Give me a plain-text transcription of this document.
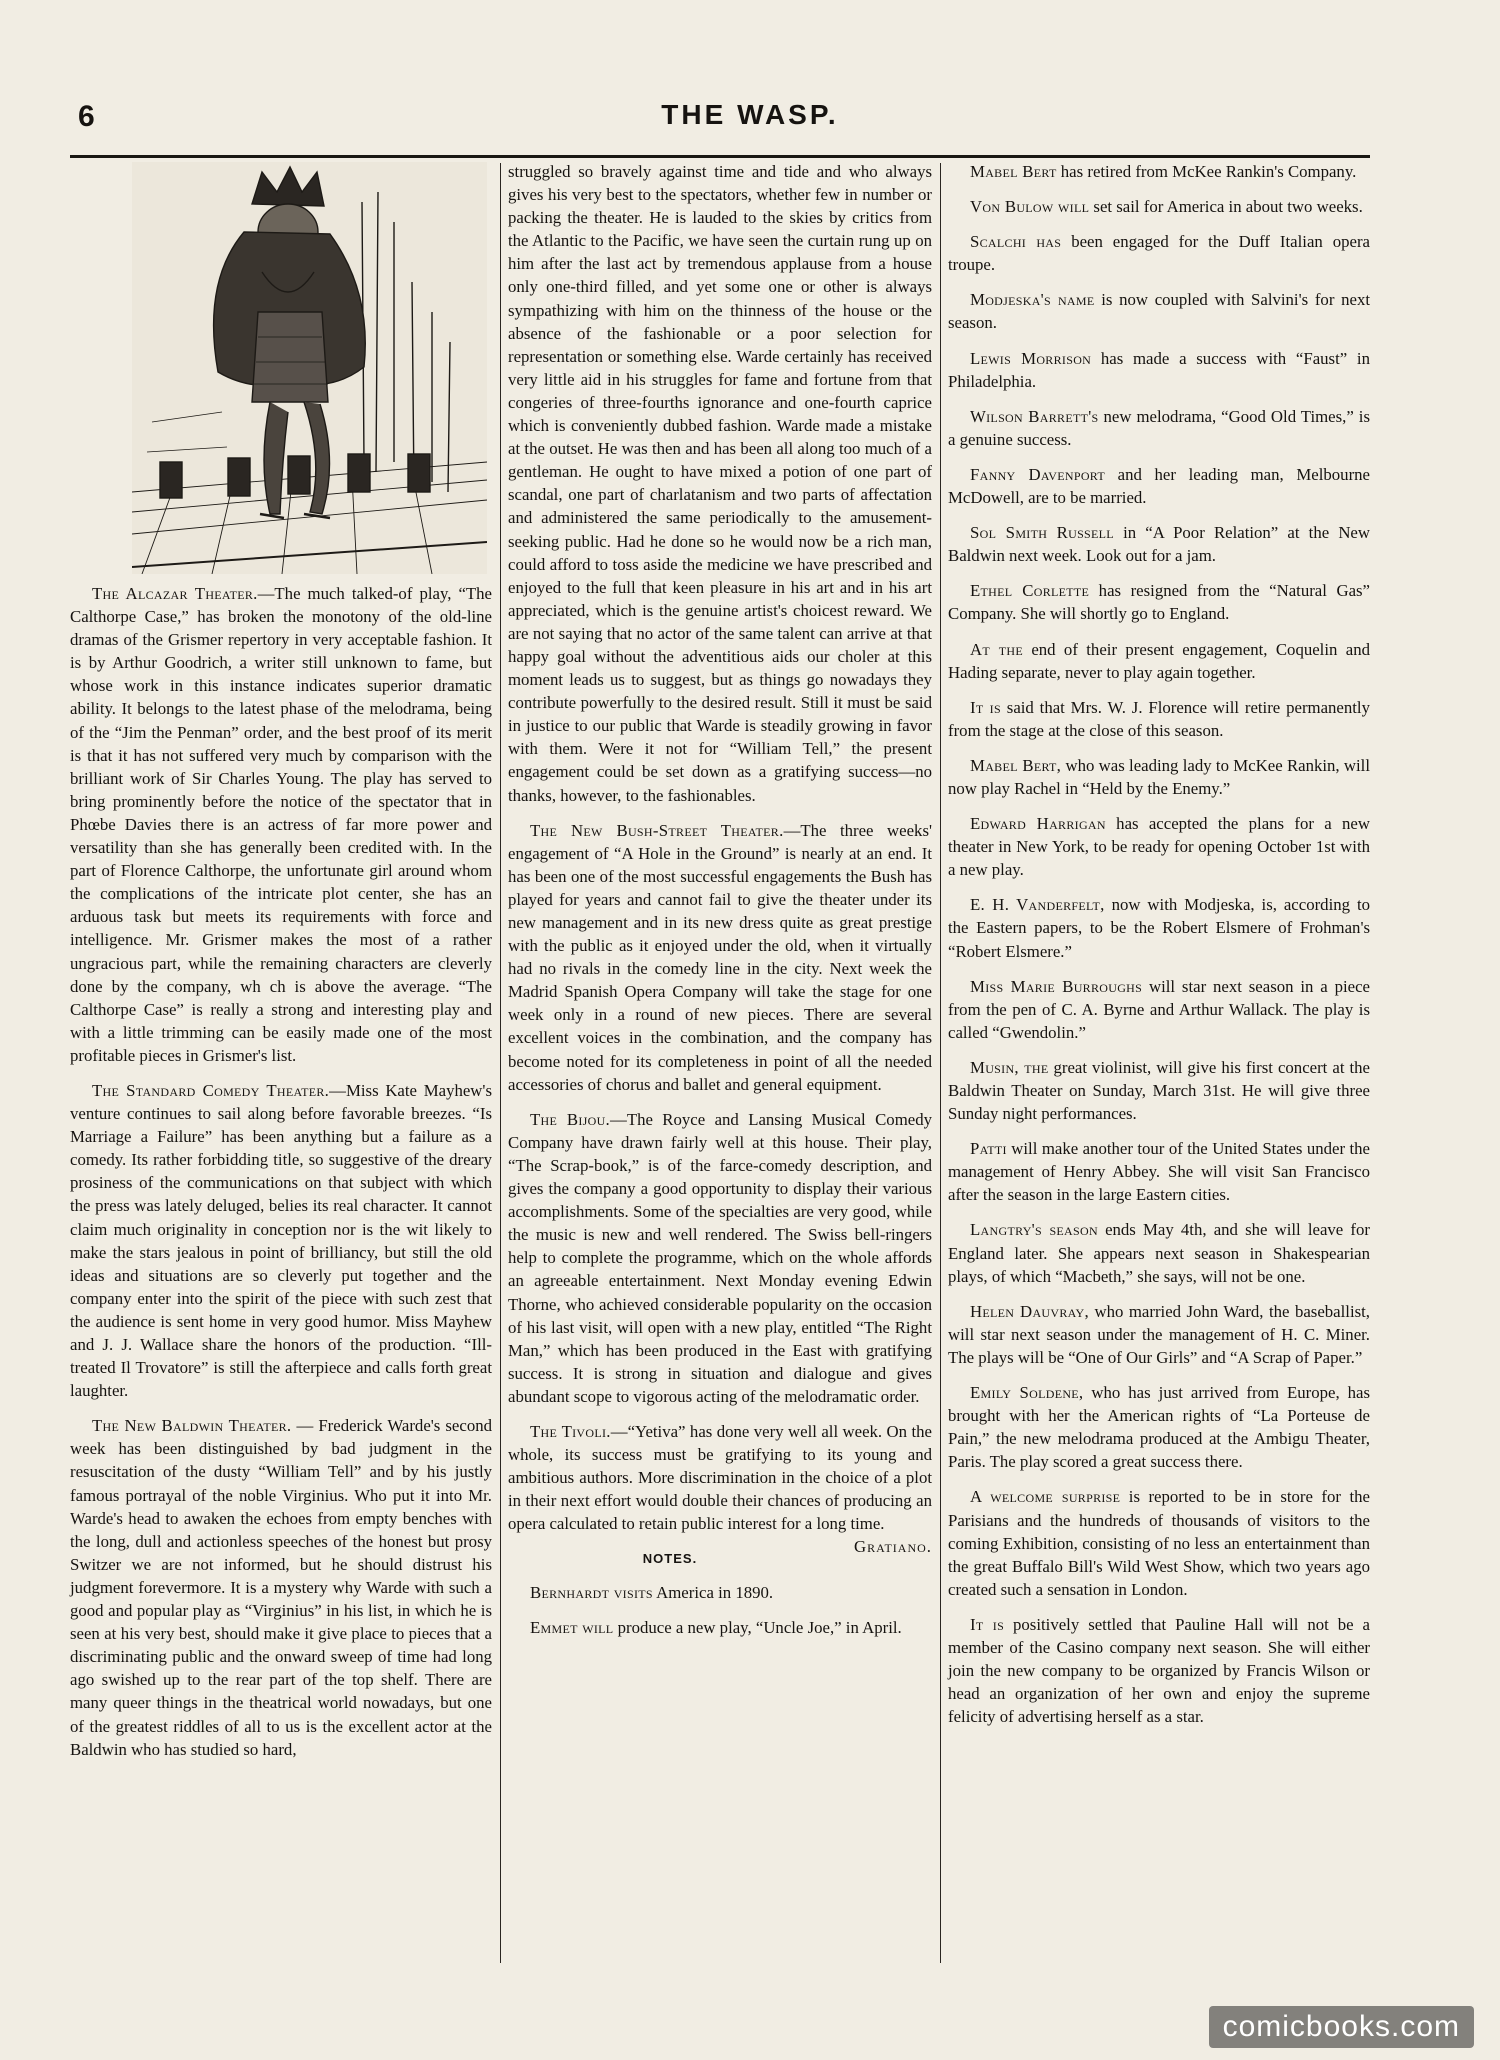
6	THE WASP.

The Alcazar Theater.—The much talked-of play, “The Calthorpe Case,” has broken the monotony of the old-line dramas of the Grismer repertory in very acceptable fashion. It is by Arthur Goodrich, a writer still unknown to fame, but whose work in this instance indicates superior dramatic ability. It belongs to the latest phase of the melodrama, being of the “Jim the Penman” order, and the best proof of its merit is that it has not suffered very much by comparison with the brilliant work of Sir Charles Young. The play has served to bring prominently before the notice of the spectator that in Phœbe Davies there is an actress of far more power and versatility than she has generally been credited with. In the part of Florence Calthorpe, the unfortunate girl around whom the complications of the intricate plot center, she has an arduous task but meets its requirements with force and intelligence. Mr. Grismer makes the most of a rather ungracious part, while the remaining characters are cleverly done by the company, wh ch is above the average. “The Calthorpe Case” is really a strong and interesting play and with a little trimming can be easily made one of the most profitable pieces in Grismer's list.

The Standard Comedy Theater.—Miss Kate Mayhew's venture continues to sail along before favorable breezes. “Is Marriage a Failure” has been anything but a failure as a comedy. Its rather forbidding title, so suggestive of the dreary prosiness of the communications on that subject with which the press was lately deluged, belies its real character. It cannot claim much originality in conception nor is the wit likely to make the stars jealous in point of brilliancy, but still the old ideas and situations are so cleverly put together and the company enter into the spirit of the piece with such zest that the audience is sent home in very good humor. Miss Mayhew and J. J. Wallace share the honors of the production. “Ill-treated Il Trovatore” is still the afterpiece and calls forth great laughter.

The New Baldwin Theater. — Frederick Warde's second week has been distinguished by bad judgment in the resuscitation of the dusty “William Tell” and by his justly famous portrayal of the noble Virginius. Who put it into Mr. Warde's head to awaken the echoes from empty benches with the long, dull and actionless speeches of the honest but prosy Switzer we are not informed, but he should distrust his judgment forevermore. It is a mystery why Warde with such a good and popular play as “Virginius” in his list, in which he is seen at his very best, should make it give place to pieces that a discriminating public and the onward sweep of time had long ago swished up to the rear part of the top shelf. There are many queer things in the theatrical world nowadays, but one of the greatest riddles of all to us is the excellent actor at the Baldwin who has studied so hard,

struggled so bravely against time and tide and who always gives his very best to the spectators, whether few in number or packing the theater. He is lauded to the skies by critics from the Atlantic to the Pacific, we have seen the curtain rung up on him after the last act by tremendous applause from a house only one-third filled, and yet some one or other is always sympathizing with him on the thinness of the house or the absence of the fashionable or a poor selection for representation or something else. Warde certainly has received very little aid in his struggles for fame and fortune from that congeries of three-fourths ignorance and one-fourth caprice which is conveniently dubbed fashion. Warde made a mistake at the outset. He was then and has been all along too much of a gentleman. He ought to have mixed a potion of one part of scandal, one part of charlatanism and two parts of affectation and administered the same periodically to the amusement-seeking public. Had he done so he would now be a rich man, could afford to toss aside the medicine we have prescribed and enjoyed to the full that keen pleasure in his art and in his art appreciated, which is the genuine artist's choicest reward. We are not saying that no actor of the same talent can arrive at that happy goal without the adventitious aids our choler at this moment leads us to suggest, but as things go nowadays they contribute powerfully to the desired result. Still it must be said in justice to our public that Warde is steadily growing in favor with them. Were it not for “William Tell,” the present engagement could be set down as a gratifying success—no thanks, however, to the fashionables.

The New Bush-Street Theater.—The three weeks' engagement of “A Hole in the Ground” is nearly at an end. It has been one of the most successful engagements the Bush has played for years and cannot fail to give the theater under its new management and in its new dress quite as great prestige with the public as it enjoyed under the old, when it virtually had no rivals in the comedy line in the city. Next week the Madrid Spanish Opera Company will take the stage for one week only in a round of new pieces. There are several excellent voices in the combination, and the company has become noted for its completeness in point of all the needed accessories of chorus and ballet and general equipment.

The Bijou.—The Royce and Lansing Musical Comedy Company have drawn fairly well at this house. Their play, “The Scrap-book,” is of the farce-comedy description, and gives the company a good opportunity to display their various accomplishments. Some of the specialties are very good, while the music is new and well rendered. The Swiss bell-ringers help to complete the programme, which on the whole affords an agreeable entertainment. Next Monday evening Edwin Thorne, who achieved considerable popularity on the occasion of his last visit, will open with a new play, entitled “The Right Man,” which has been produced in the East with gratifying success. It is strong in situation and dialogue and gives abundant scope to vigorous acting of the melodramatic order.

The Tivoli.—“Yetiva” has done very well all week. On the whole, its success must be gratifying to its young and ambitious authors. More discrimination in the choice of a plot in their next effort would double their chances of producing an opera calculated to retain public interest for a long time.
Gratiano.

NOTES.

Bernhardt visits America in 1890.

Emmet will produce a new play, “Uncle Joe,” in April.

Mabel Bert has retired from McKee Rankin's Company.

Von Bulow will set sail for America in about two weeks.

Scalchi has been engaged for the Duff Italian opera troupe.

Modjeska's name is now coupled with Salvini's for next season.

Lewis Morrison has made a success with “Faust” in Philadelphia.

Wilson Barrett's new melodrama, “Good Old Times,” is a genuine success.

Fanny Davenport and her leading man, Melbourne McDowell, are to be married.

Sol Smith Russell in “A Poor Relation” at the New Baldwin next week. Look out for a jam.

Ethel Corlette has resigned from the “Natural Gas” Company. She will shortly go to England.

At the end of their present engagement, Coquelin and Hading separate, never to play again together.

It is said that Mrs. W. J. Florence will retire permanently from the stage at the close of this season.

Mabel Bert, who was leading lady to McKee Rankin, will now play Rachel in “Held by the Enemy.”

Edward Harrigan has accepted the plans for a new theater in New York, to be ready for opening October 1st with a new play.

E. H. Vanderfelt, now with Modjeska, is, according to the Eastern papers, to be the Robert Elsmere of Frohman's “Robert Elsmere.”

Miss Marie Burroughs will star next season in a piece from the pen of C. A. Byrne and Arthur Wallack. The play is called “Gwendolin.”

Musin, the great violinist, will give his first concert at the Baldwin Theater on Sunday, March 31st. He will give three Sunday night performances.

Patti will make another tour of the United States under the management of Henry Abbey. She will visit San Francisco after the season in the large Eastern cities.

Langtry's season ends May 4th, and she will leave for England later. She appears next season in Shakespearian plays, of which “Macbeth,” she says, will not be one.

Helen Dauvray, who married John Ward, the baseballist, will star next season under the management of H. C. Miner. The plays will be “One of Our Girls” and “A Scrap of Paper.”

Emily Soldene, who has just arrived from Europe, has brought with her the American rights of “La Porteuse de Pain,” the new melodrama produced at the Ambigu Theater, Paris. The play scored a great success there.

A welcome surprise is reported to be in store for the Parisians and the hundreds of thousands of visitors to the coming Exhibition, consisting of no less an entertainment than the great Buffalo Bill's Wild West Show, which two years ago created such a sensation in London.

It is positively settled that Pauline Hall will not be a member of the Casino company next season. She will either join the new company to be organized by Francis Wilson or head an organization of her own and enjoy the supreme felicity of advertising herself as a star.

comicbooks.com
